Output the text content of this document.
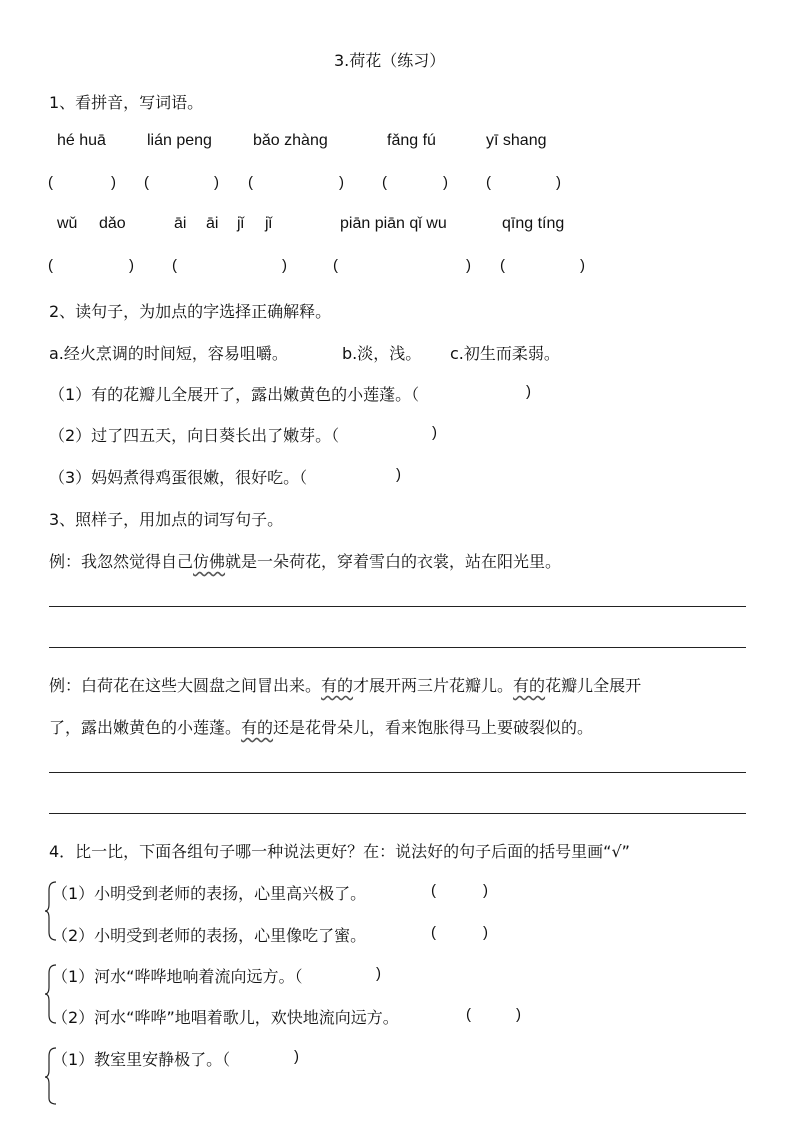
3.荷花（练习）
1、看拼音，写词语。
hé huā	lián peng	bǎo zhàng	fǎng fú	yī shang
(	) (	) (	)	(	)	(	)
wǔ dǎo	āi āi jǐ jǐ	piān piān qǐ wu	qīng tíng
(	)	(	)	(	) (	)
2、读句子，为加点的字选择正确解释。
a.经火烹调的时间短，容易咀嚼。	b.淡，浅。 c.初生而柔弱。
（1）有的花瓣儿全展开了，露出嫩黄色的小莲蓬。（	)
（2）过了四五天，向日葵长出了嫩芽。（	)
（3）妈妈煮得鸡蛋很嫩，很好吃。（	)
3、照样子，用加点的词写句子。
例：我忽然觉得自己仿佛就是一朵荷花，穿着雪白的衣裳，站在阳光里。
例：白荷花在这些大圆盘之间冒出来。有的才展开两三片花瓣儿。有的花瓣儿全展开
了，露出嫩黄色的小莲蓬。有的还是花骨朵儿，看来饱胀得马上要破裂似的。
4．比一比，下面各组句子哪一种说法更好？在：说法好的句子后面的括号里画“√”
（1）小明受到老师的表扬，心里高兴极了。	(	)
（2）小明受到老师的表扬，心里像吃了蜜。	(	)
（1）河水“哗哗地响着流向远方。（	)
（2）河水“哗哗”地唱着歌儿，欢快地流向远方。	(	)
（1）教室里安静极了。（	)
